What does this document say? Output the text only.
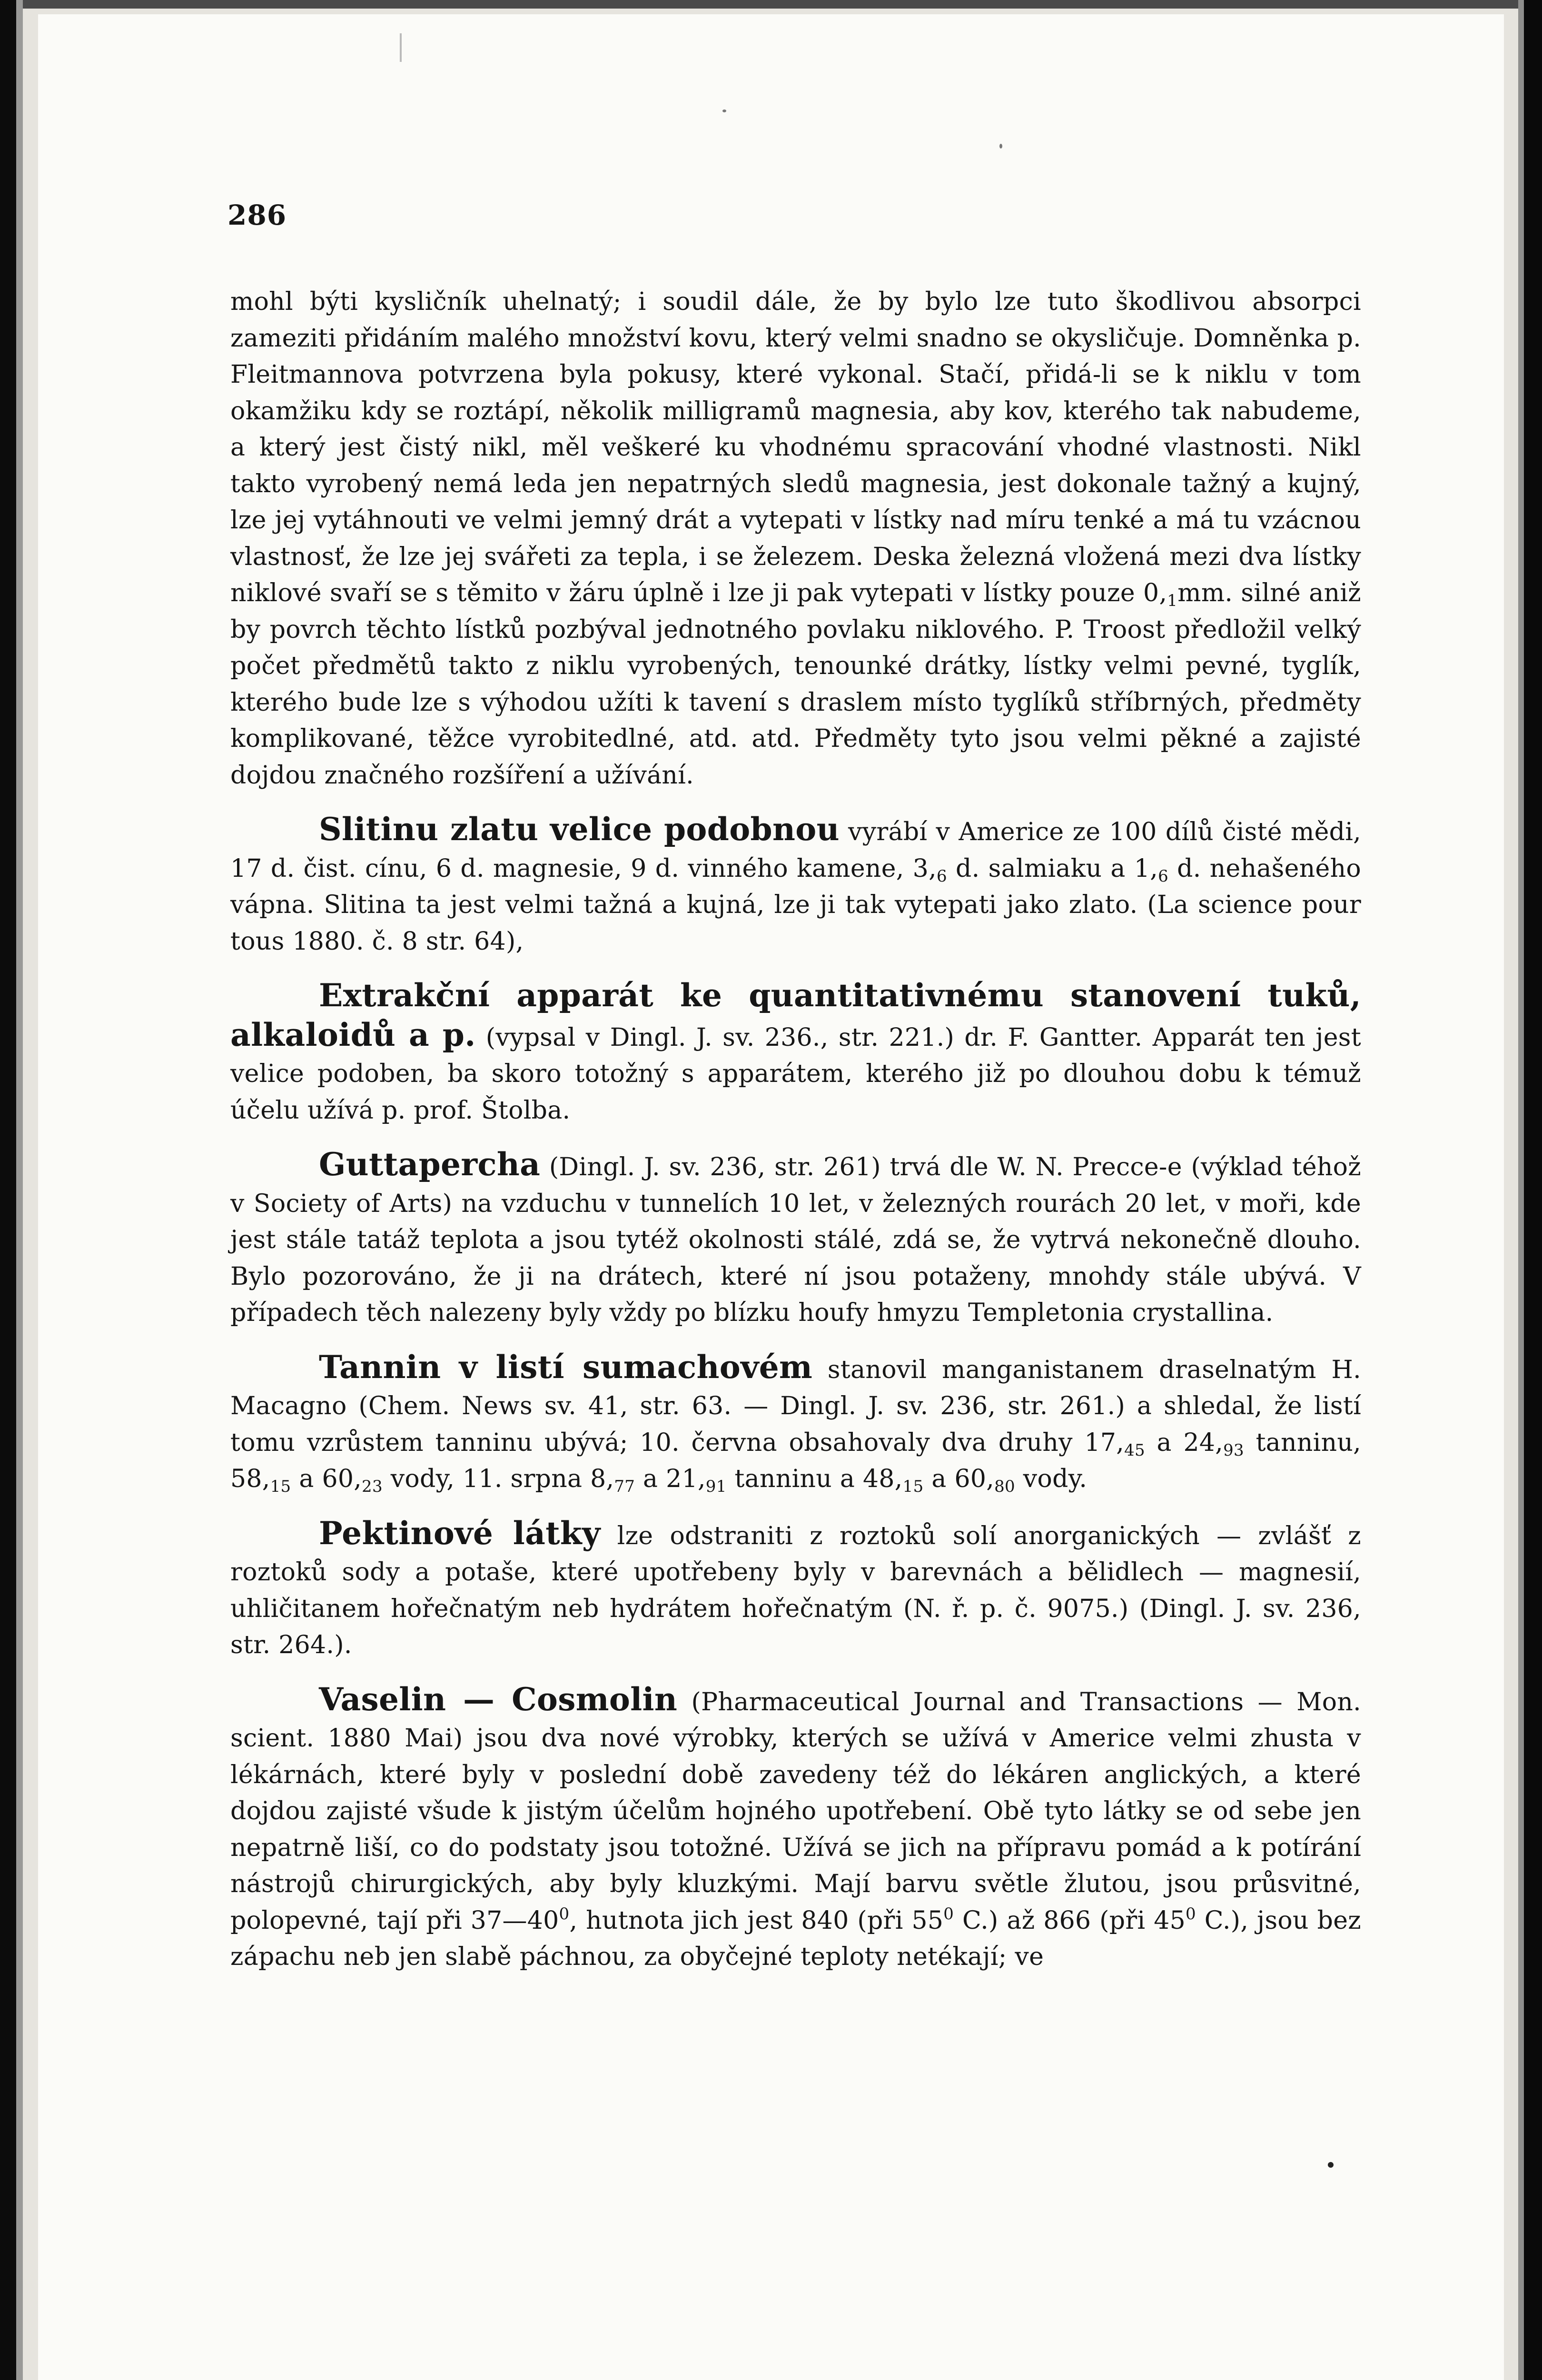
286

mohl býti kysličník uhelnatý; i soudil dále, že by bylo lze tuto škodlivou absorpci zameziti přidáním malého množství kovu, který velmi snadno se okysličuje. Domněnka p. Fleitmannova potvrzena byla pokusy, které vykonal. Stačí, přidá-li se k niklu v tom okamžiku kdy se roztápí, několik milligramů magnesia, aby kov, kterého tak nabudeme, a který jest čistý nikl, měl veškeré ku vhodnému spracování vhodné vlastnosti. Nikl takto vyrobený nemá leda jen nepatrných sledů magnesia, jest dokonale tažný a kujný, lze jej vytáhnouti ve velmi jemný drát a vytepati v lístky nad míru tenké a má tu vzácnou vlastnosť, že lze jej svářeti za tepla, i se železem. Deska železná vložená mezi dva lístky niklové svaří se s těmito v žáru úplně i lze ji pak vytepati v lístky pouze $0,_1mm$. silné aniž by povrch těchto lístků pozbýval jednotného povlaku niklového. P. Troost předložil velký počet předmětů takto z niklu vyrobených, tenounké drátky, lístky velmi pevné, tyglík, kterého bude lze s výhodou užíti k tavení s draslem místo tyglíků stříbrných, předměty komplikované, těžce vyrobitedlné, atd. atd. Předměty tyto jsou velmi pěkné a zajisté dojdou značného rozšíření a užívání.

Slitinu zlatu velice podobnou vyrábí v Americe ze 100 dílů čisté mědi, 17 d. čist. cínu, 6 d. magnesie, 9 d. vinného kamene, $3,_6$ d. salmiaku a $1,_6$ d. nehašeného vápna. Slitina ta jest velmi tažná a kujná, lze ji tak vytepati jako zlato. (La science pour tous 1880. č. 8 str. 64),

Extrakční apparát ke quantitativnému stanovení tuků, alkaloidů a p. (vypsal v Dingl. J. sv. 236., str. 221.) dr. F. Gantter. Apparát ten jest velice podoben, ba skoro totožný s apparátem, kterého již po dlouhou dobu k témuž účelu užívá p. prof. Štolba.

Guttapercha (Dingl. J. sv. 236, str. 261) trvá dle W. N. Precce-e (výklad téhož v Society of Arts) na vzduchu v tunnelích 10 let, v železných rourách 20 let, v moři, kde jest stále tatáž teplota a jsou tytéž okolnosti stálé, zdá se, že vytrvá nekonečně dlouho. Bylo pozorováno, že ji na drátech, které ní jsou potaženy, mnohdy stále ubývá. V případech těch nalezeny byly vždy po blízku houfy hmyzu Templetonia crystallina.

Tannin v listí sumachovém stanovil manganistanem draselnatým H. Macagno (Chem. News sv. 41, str. 63. — Dingl. J. sv. 236, str. 261.) a shledal, že listí tomu vzrůstem tanninu ubývá; 10. června obsahovaly dva druhy $17,_{45}$ a $24,_{93}$ tanninu, $58,_{15}$ a $60,_{23}$ vody, 11. srpna $8,_{77}$ a $21,_{91}$ tanninu a $48,_{15}$ a $60,_{80}$ vody.

Pektinové látky lze odstraniti z roztoků solí anorganických — zvlášť z roztoků sody a potaše, které upotřebeny byly v barevnách a bělidlech — magnesií, uhličitanem hořečnatým neb hydrátem hořečnatým (N. ř. p. č. 9075.) (Dingl. J. sv. 236, str. 264.).

Vaselin — Cosmolin (Pharmaceutical Journal and Transactions — Mon. scient. 1880 Mai) jsou dva nové výrobky, kterých se užívá v Americe velmi zhusta v lékárnách, které byly v poslední době zavedeny též do lékáren anglických, a které dojdou zajisté všude k jistým účelům hojného upotřebení. Obě tyto látky se od sebe jen nepatrně liší, co do podstaty jsou totožné. Užívá se jich na přípravu pomád a k potírání nástrojů chirurgických, aby byly kluzkými. Mají barvu světle žlutou, jsou průsvitné, polopevné, tají při $37—40^0$, hutnota jich jest 840 (při $55^0$ C.) až 866 (při $45^0$ C.), jsou bez zápachu neb jen slabě páchnou, za obyčejné teploty netékají; ve
